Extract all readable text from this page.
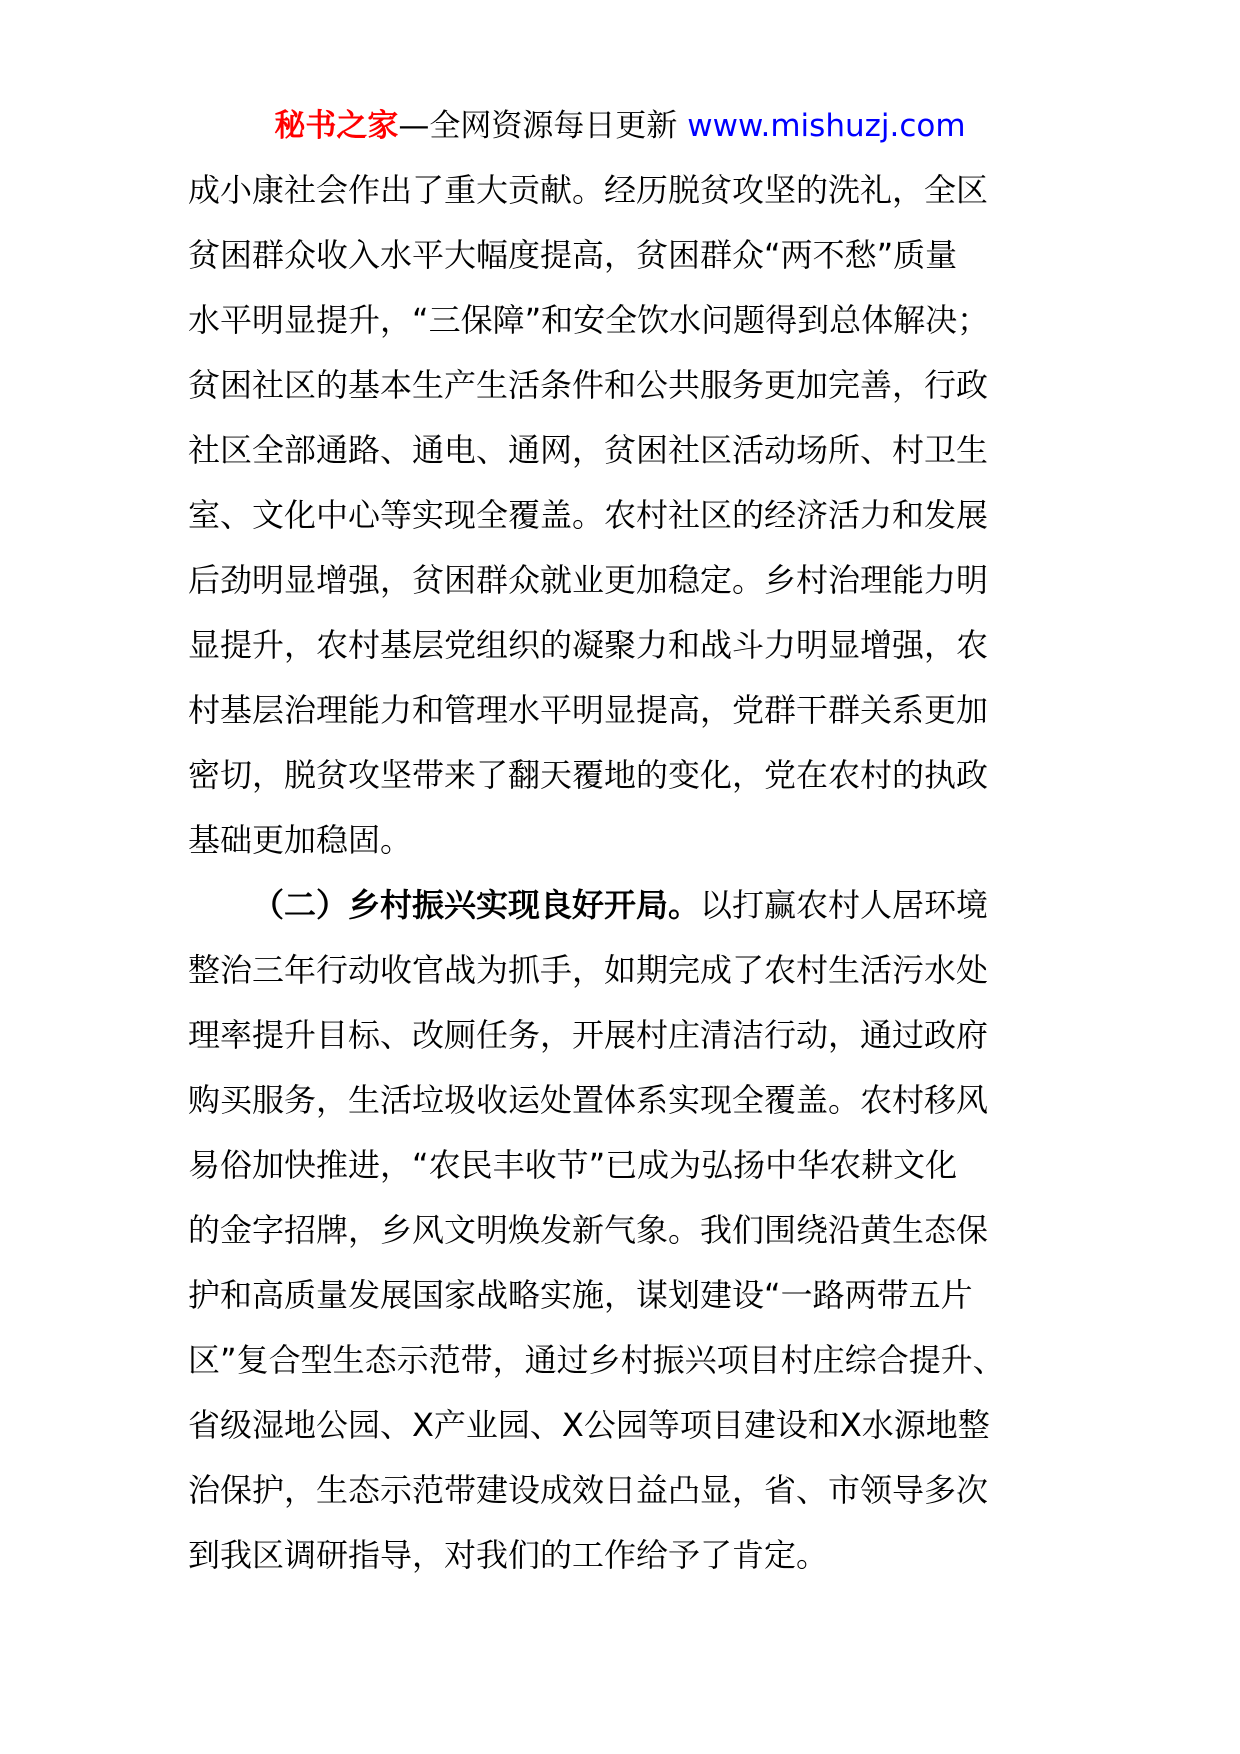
秘书之家—全网资源每日更新 www.mishuzj.com
成小康社会作出了重大贡献。经历脱贫攻坚的洗礼，全区
贫困群众收入水平大幅度提高，贫困群众“两不愁”质量
水平明显提升，“三保障”和安全饮水问题得到总体解决；
贫困社区的基本生产生活条件和公共服务更加完善，行政
社区全部通路、通电、通网，贫困社区活动场所、村卫生
室、文化中心等实现全覆盖。农村社区的经济活力和发展
后劲明显增强，贫困群众就业更加稳定。乡村治理能力明
显提升，农村基层党组织的凝聚力和战斗力明显增强，农
村基层治理能力和管理水平明显提高，党群干群关系更加
密切，脱贫攻坚带来了翻天覆地的变化，党在农村的执政
基础更加稳固。
（二）乡村振兴实现良好开局。以打赢农村人居环境
整治三年行动收官战为抓手，如期完成了农村生活污水处
理率提升目标、改厕任务，开展村庄清洁行动，通过政府
购买服务，生活垃圾收运处置体系实现全覆盖。农村移风
易俗加快推进，“农民丰收节”已成为弘扬中华农耕文化
的金字招牌，乡风文明焕发新气象。我们围绕沿黄生态保
护和高质量发展国家战略实施，谋划建设“一路两带五片
区”复合型生态示范带，通过乡村振兴项目村庄综合提升、
省级湿地公园、X产业园、X公园等项目建设和X水源地整
治保护，生态示范带建设成效日益凸显，省、市领导多次
到我区调研指导，对我们的工作给予了肯定。
